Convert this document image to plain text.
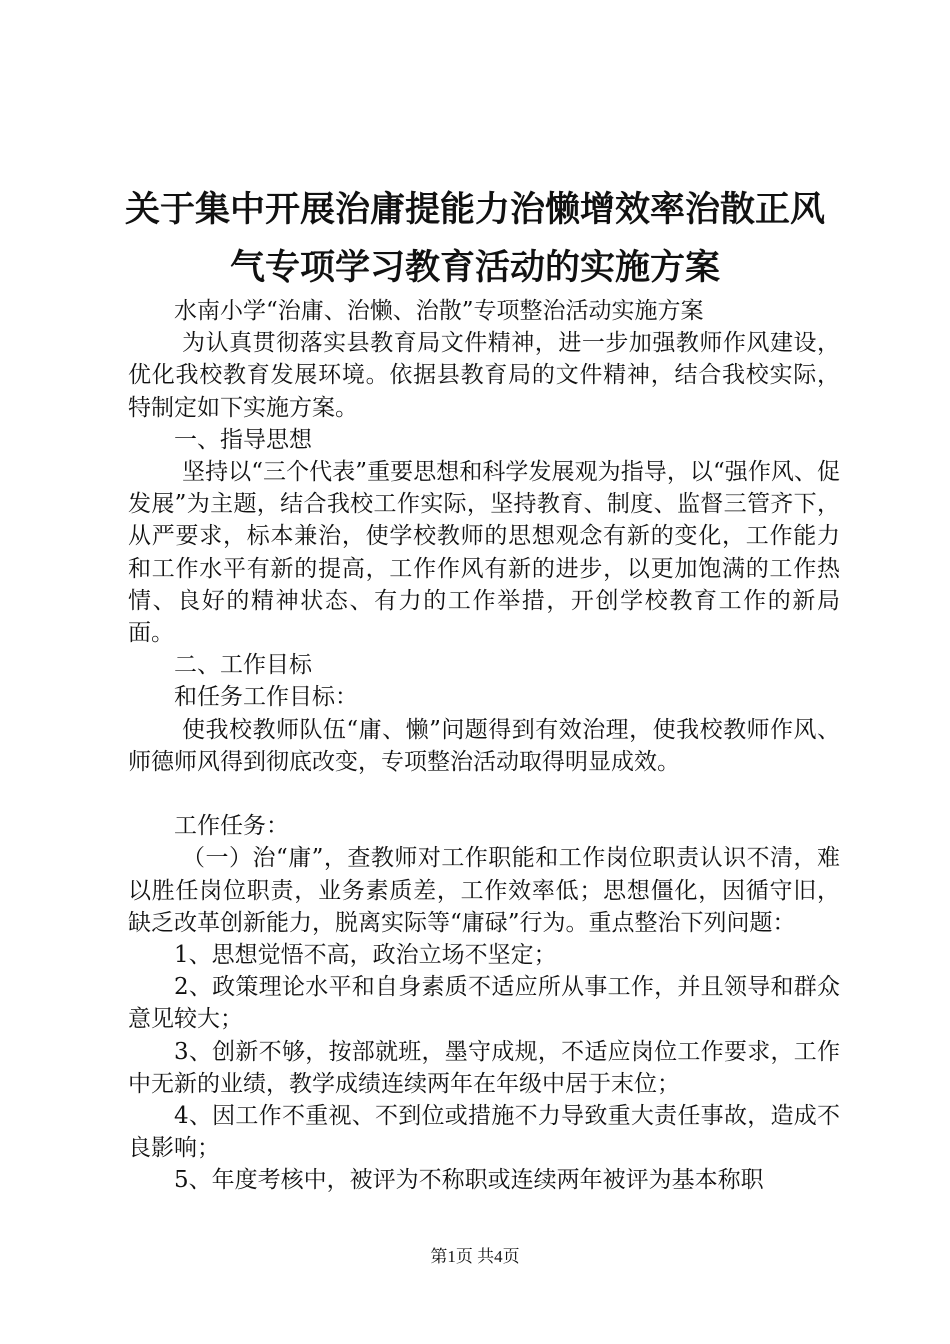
关于集中开展治庸提能力治懒增效率治散正风
气专项学习教育活动的实施方案

水南小学“治庸、治懒、治散”专项整治活动实施方案

为认真贯彻落实县教育局文件精神，进一步加强教师作风建设，优化我校教育发展环境。依据县教育局的文件精神，结合我校实际，特制定如下实施方案。

一、指导思想

坚持以“三个代表”重要思想和科学发展观为指导，以“强作风、促发展”为主题，结合我校工作实际，坚持教育、制度、监督三管齐下，从严要求，标本兼治，使学校教师的思想观念有新的变化，工作能力和工作水平有新的提高，工作作风有新的进步，以更加饱满的工作热情、良好的精神状态、有力的工作举措，开创学校教育工作的新局面。

二、工作目标

和任务工作目标：

使我校教师队伍“庸、懒”问题得到有效治理，使我校教师作风、师德师风得到彻底改变，专项整治活动取得明显成效。

工作任务：

（一）治“庸”，查教师对工作职能和工作岗位职责认识不清，难以胜任岗位职责，业务素质差，工作效率低；思想僵化，因循守旧，缺乏改革创新能力，脱离实际等“庸碌”行为。重点整治下列问题：

1、思想觉悟不高，政治立场不坚定；

2、政策理论水平和自身素质不适应所从事工作，并且领导和群众意见较大；

3、创新不够，按部就班，墨守成规，不适应岗位工作要求，工作中无新的业绩，教学成绩连续两年在年级中居于末位；

4、因工作不重视、不到位或措施不力导致重大责任事故，造成不良影响；

5、年度考核中，被评为不称职或连续两年被评为基本称职

第1页 共4页
